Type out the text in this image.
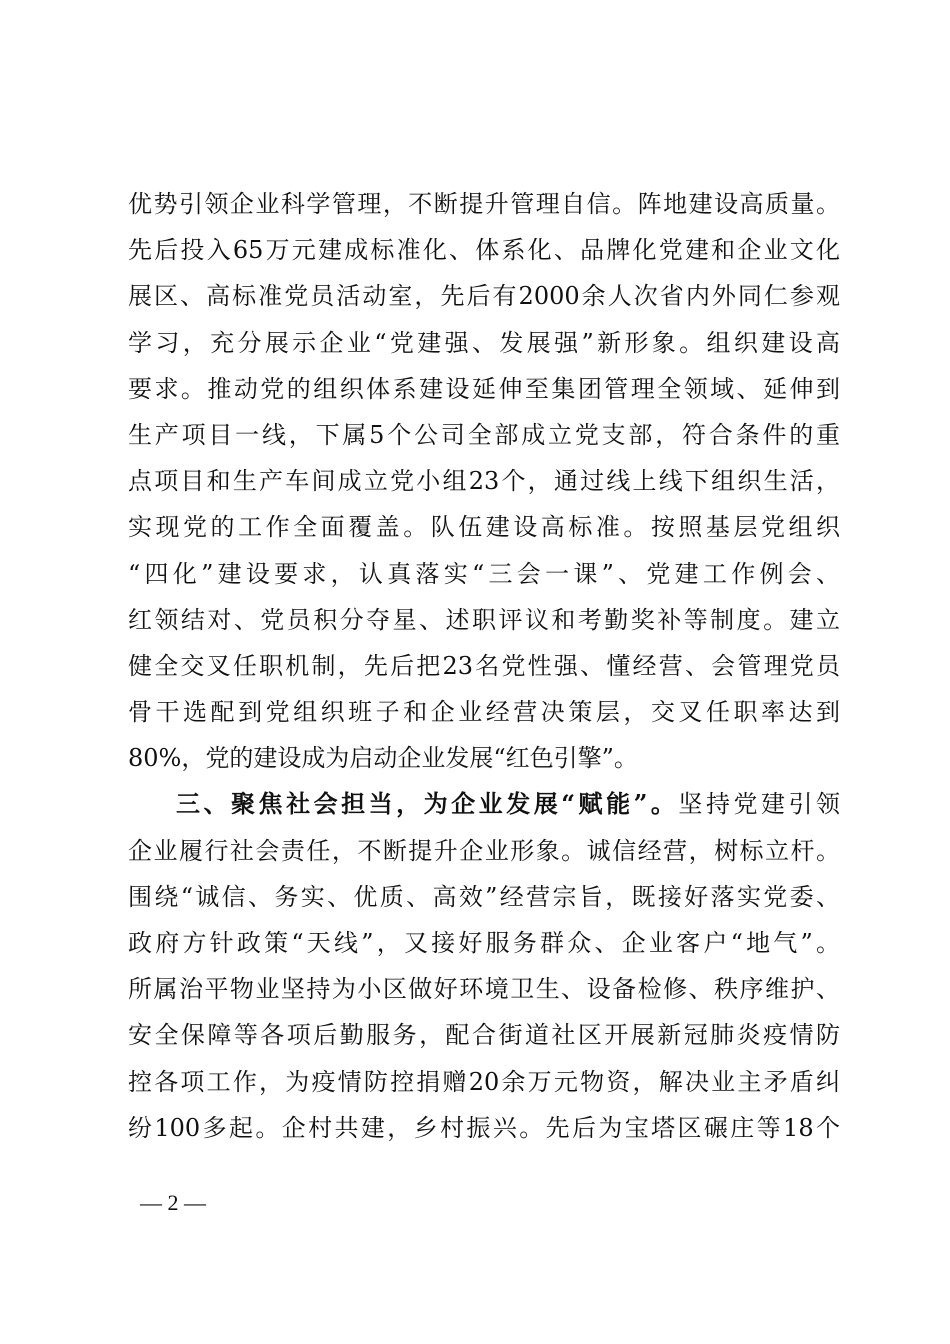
优势引领企业科学管理，不断提升管理自信。阵地建设高质量。
先后投入65万元建成标准化、体系化、品牌化党建和企业文化
展区、高标准党员活动室，先后有2000余人次省内外同仁参观
学习，充分展示企业“党建强、发展强”新形象。组织建设高
要求。推动党的组织体系建设延伸至集团管理全领域、延伸到
生产项目一线，下属5个公司全部成立党支部，符合条件的重
点项目和生产车间成立党小组23个，通过线上线下组织生活，
实现党的工作全面覆盖。队伍建设高标准。按照基层党组织
“四化”建设要求，认真落实“三会一课”、党建工作例会、
红领结对、党员积分夺星、述职评议和考勤奖补等制度。建立
健全交叉任职机制，先后把23名党性强、懂经营、会管理党员
骨干选配到党组织班子和企业经营决策层，交叉任职率达到
80%，党的建设成为启动企业发展“红色引擎”。
三、聚焦社会担当，为企业发展“赋能”。坚持党建引领
企业履行社会责任，不断提升企业形象。诚信经营，树标立杆。
围绕“诚信、务实、优质、高效”经营宗旨，既接好落实党委、
政府方针政策“天线”，又接好服务群众、企业客户“地气”。
所属治平物业坚持为小区做好环境卫生、设备检修、秩序维护、
安全保障等各项后勤服务，配合街道社区开展新冠肺炎疫情防
控各项工作，为疫情防控捐赠20余万元物资，解决业主矛盾纠
纷100多起。企村共建，乡村振兴。先后为宝塔区碾庄等18个
— 2 —
